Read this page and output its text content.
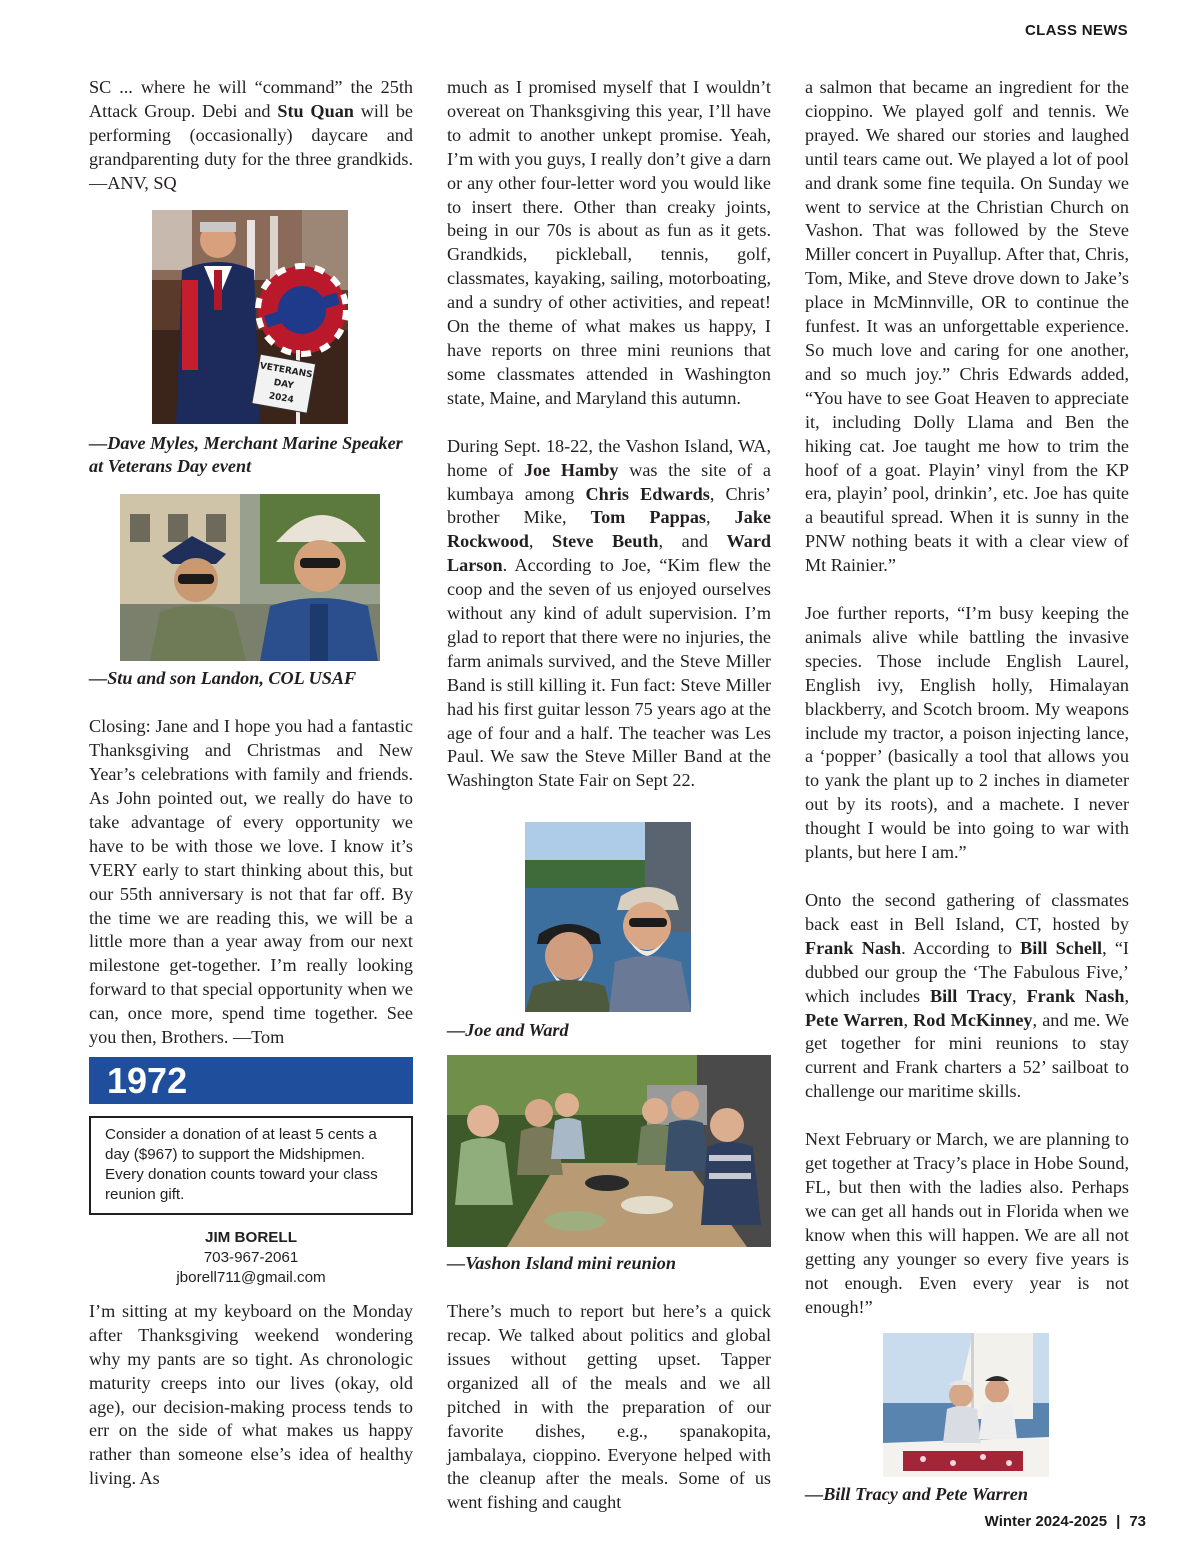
CLASS NEWS

SC ... where he will “command” the 25th Attack Group. Debi and Stu Quan will be performing (occasionally) daycare and grandparenting duty for the three grandkids. —ANV, SQ

VETERANS
DAY
2024

—Dave Myles, Merchant Marine Speaker
at Veterans Day event

—Stu and son Landon, COL USAF

Closing: Jane and I hope you had a fantastic Thanksgiving and Christmas and New Year’s celebrations with family and friends. As John pointed out, we really do have to take advantage of every opportunity we have to be with those we love. I know it’s VERY early to start thinking about this, but our 55th anniversary is not that far off. By the time we are reading this, we will be a little more than a year away from our next milestone get-together. I’m really looking forward to that special opportunity when we can, once more, spend time together. See you then, Brothers. —Tom

1972
Consider a donation of at least 5 cents a day ($967) to support the Midshipmen. Every donation counts toward your class reunion gift.
JIM BORELL
703-967-2061
jborell711@gmail.com

I’m sitting at my keyboard on the Monday after Thanksgiving weekend wondering why my pants are so tight. As chronologic maturity creeps into our lives (okay, old age), our decision-making process tends to err on the side of what makes us happy rather than someone else’s idea of healthy living. As

much as I promised myself that I wouldn’t overeat on Thanksgiving this year, I’ll have to admit to another unkept promise. Yeah, I’m with you guys, I really don’t give a darn or any other four-letter word you would like to insert there. Other than creaky joints, being in our 70s is about as fun as it gets. Grandkids, pickleball, tennis, golf, classmates, kayaking, sailing, motorboating, and a sundry of other activities, and repeat! On the theme of what makes us happy, I have reports on three mini reunions that some classmates attended in Washington state, Maine, and Maryland this autumn.

During Sept. 18-22, the Vashon Island, WA, home of Joe Hamby was the site of a kumbaya among Chris Edwards, Chris’ brother Mike, Tom Pappas, Jake Rockwood, Steve Beuth, and Ward Larson. According to Joe, “Kim flew the coop and the seven of us enjoyed ourselves without any kind of adult supervision. I’m glad to report that there were no injuries, the farm animals survived, and the Steve Miller Band is still killing it. Fun fact: Steve Miller had his first guitar lesson 75 years ago at the age of four and a half. The teacher was Les Paul. We saw the Steve Miller Band at the Washington State Fair on Sept 22.

—Joe and Ward

—Vashon Island mini reunion

There’s much to report but here’s a quick recap. We talked about politics and global issues without getting upset. Tapper organized all of the meals and we all pitched in with the preparation of our favorite dishes, e.g., spanakopita, jambalaya, cioppino. Everyone helped with the cleanup after the meals. Some of us went fishing and caught

a salmon that became an ingredient for the cioppino. We played golf and tennis. We prayed. We shared our stories and laughed until tears came out. We played a lot of pool and drank some fine tequila. On Sunday we went to service at the Christian Church on Vashon. That was followed by the Steve Miller concert in Puyallup. After that, Chris, Tom, Mike, and Steve drove down to Jake’s place in McMinnville, OR to continue the funfest. It was an unforgettable experience. So much love and caring for one another, and so much joy.” Chris Edwards added, “You have to see Goat Heaven to appreciate it, including Dolly Llama and Ben the hiking cat. Joe taught me how to trim the hoof of a goat. Playin’ vinyl from the KP era, playin’ pool, drinkin’, etc. Joe has quite a beautiful spread. When it is sunny in the PNW nothing beats it with a clear view of Mt Rainier.”

Joe further reports, “I’m busy keeping the animals alive while battling the invasive species. Those include English Laurel, English ivy, English holly, Himalayan blackberry, and Scotch broom. My weapons include my tractor, a poison injecting lance, a ‘popper’ (basically a tool that allows you to yank the plant up to 2 inches in diameter out by its roots), and a machete. I never thought I would be into going to war with plants, but here I am.”

Onto the second gathering of classmates back east in Bell Island, CT, hosted by Frank Nash. According to Bill Schell, “I dubbed our group the ‘The Fabulous Five,’ which includes Bill Tracy, Frank Nash, Pete Warren, Rod McKinney, and me. We get together for mini reunions to stay current and Frank charters a 52’ sailboat to challenge our maritime skills.

Next February or March, we are planning to get together at Tracy’s place in Hobe Sound, FL, but then with the ladies also. Perhaps we can get all hands out in Florida when we know when this will happen. We are all not getting any younger so every five years is not enough. Even every year is not enough!”

—Bill Tracy and Pete Warren

Winter 2024-2025 | 73
